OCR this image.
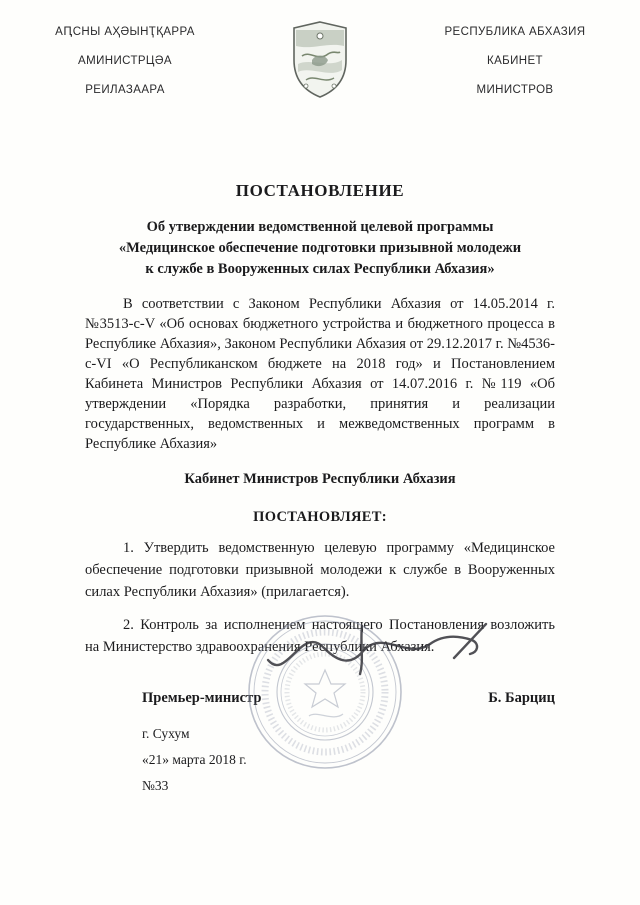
АԤСНЫ АҲӘЫНҬҚАРРА
АМИНИСТРЦӘА
РЕИЛАЗААРА
РЕСПУБЛИКА АБХАЗИЯ
КАБИНЕТ
МИНИСТРОВ
ПОСТАНОВЛЕНИЕ
Об утверждении ведомственной целевой программы
«Медицинское обеспечение подготовки призывной молодежи
к службе в Вооруженных силах Республики Абхазия»

В соответствии с Законом Республики Абхазия от 14.05.2014 г. №3513-с-V «Об основах бюджетного устройства и бюджетного процесса в Республике Абхазия», Законом Республики Абхазия от 29.12.2017 г. №4536-с-VI «О Республиканском бюджете на 2018 год» и Постановлением Кабинета Министров Республики Абхазия от 14.07.2016 г. №119 «Об утверждении «Порядка разработки, принятия и реализации государственных, ведомственных и межведомственных программ в Республике Абхазия»

Кабинет Министров Республики Абхазия
ПОСТАНОВЛЯЕТ:

1. Утвердить ведомственную целевую программу «Медицинское обеспечение подготовки призывной молодежи к службе в Вооруженных силах Республики Абхазия» (прилагается).

2. Контроль за исполнением настоящего Постановления возложить на Министерство здравоохранения Республики Абхазия.

Премьер-министр	Б. Барциц
г. Сухум
«21» марта 2018 г.
№33
